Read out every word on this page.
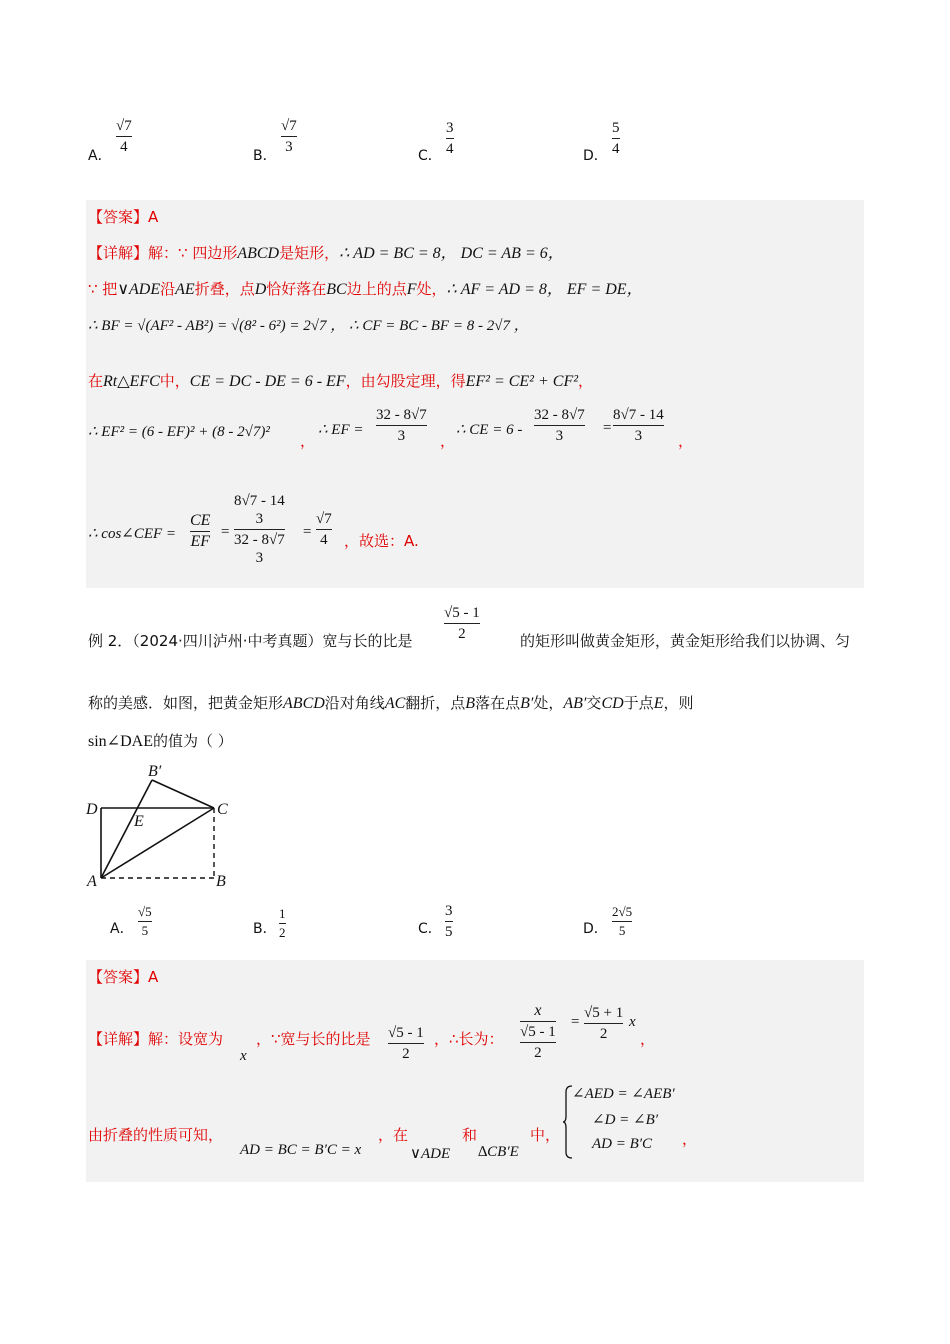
A．
√7
4
B．
√7
3
C．
3
4	D．
5
4
【答案】A
【详解】解：∵ 四边形ABCD是矩形，∴ AD = BC = 8， DC = AB = 6，
∵ 把∨ADE沿AE折叠，点D恰好落在BC边上的点F处，∴ AF = AD = 8， EF = DE，
∴ BF = √(AF² - AB²) = √(8² - 6²) = 2√7 ， ∴ CF = BC - BF = 8 - 2√7 ，
在Rt△EFC中，CE = DC - DE = 6 - EF，由勾股定理，得EF² = CE² + CF²，
∴ EF² = (6 - EF)² + (8 - 2√7)² ，
∴ EF =
32 - 8√7
3 ，
∴ CE = 6 -
32 - 8√7
3	=
8√7 - 14
3 ，
∴ cos∠CEF =
CE
EF
=
8√7 - 14
3
32 - 8√7
3
=
√7
4 ，故选：A.
例 2．（2024·四川泸州·中考真题）宽与长的比是
√5 - 1
2	的矩形叫做黄金矩形，黄金矩形给我们以协调、匀
称的美感．如图，把黄金矩形ABCD沿对角线AC翻折，点B落在点B′处，AB′交CD于点E，则
sin∠DAE的值为（ ）
B′
D
E
C
A	B
A．
√5
5	B．
1
2	C．
3
5	D．
2√5
5
【答案】A
【详解】解：设宽为
x
，∵宽与长的比是 √5 - 1
2
，∴长为：
x
√5 - 1
2
=
√5 + 1
2
x
，
由折叠的性质可知，
AD = BC = B′C = x
，在
∨ADE
和
∆CB′E
中，
∠AED = ∠AEB′
∠D = ∠B′
AD = B′C ，
